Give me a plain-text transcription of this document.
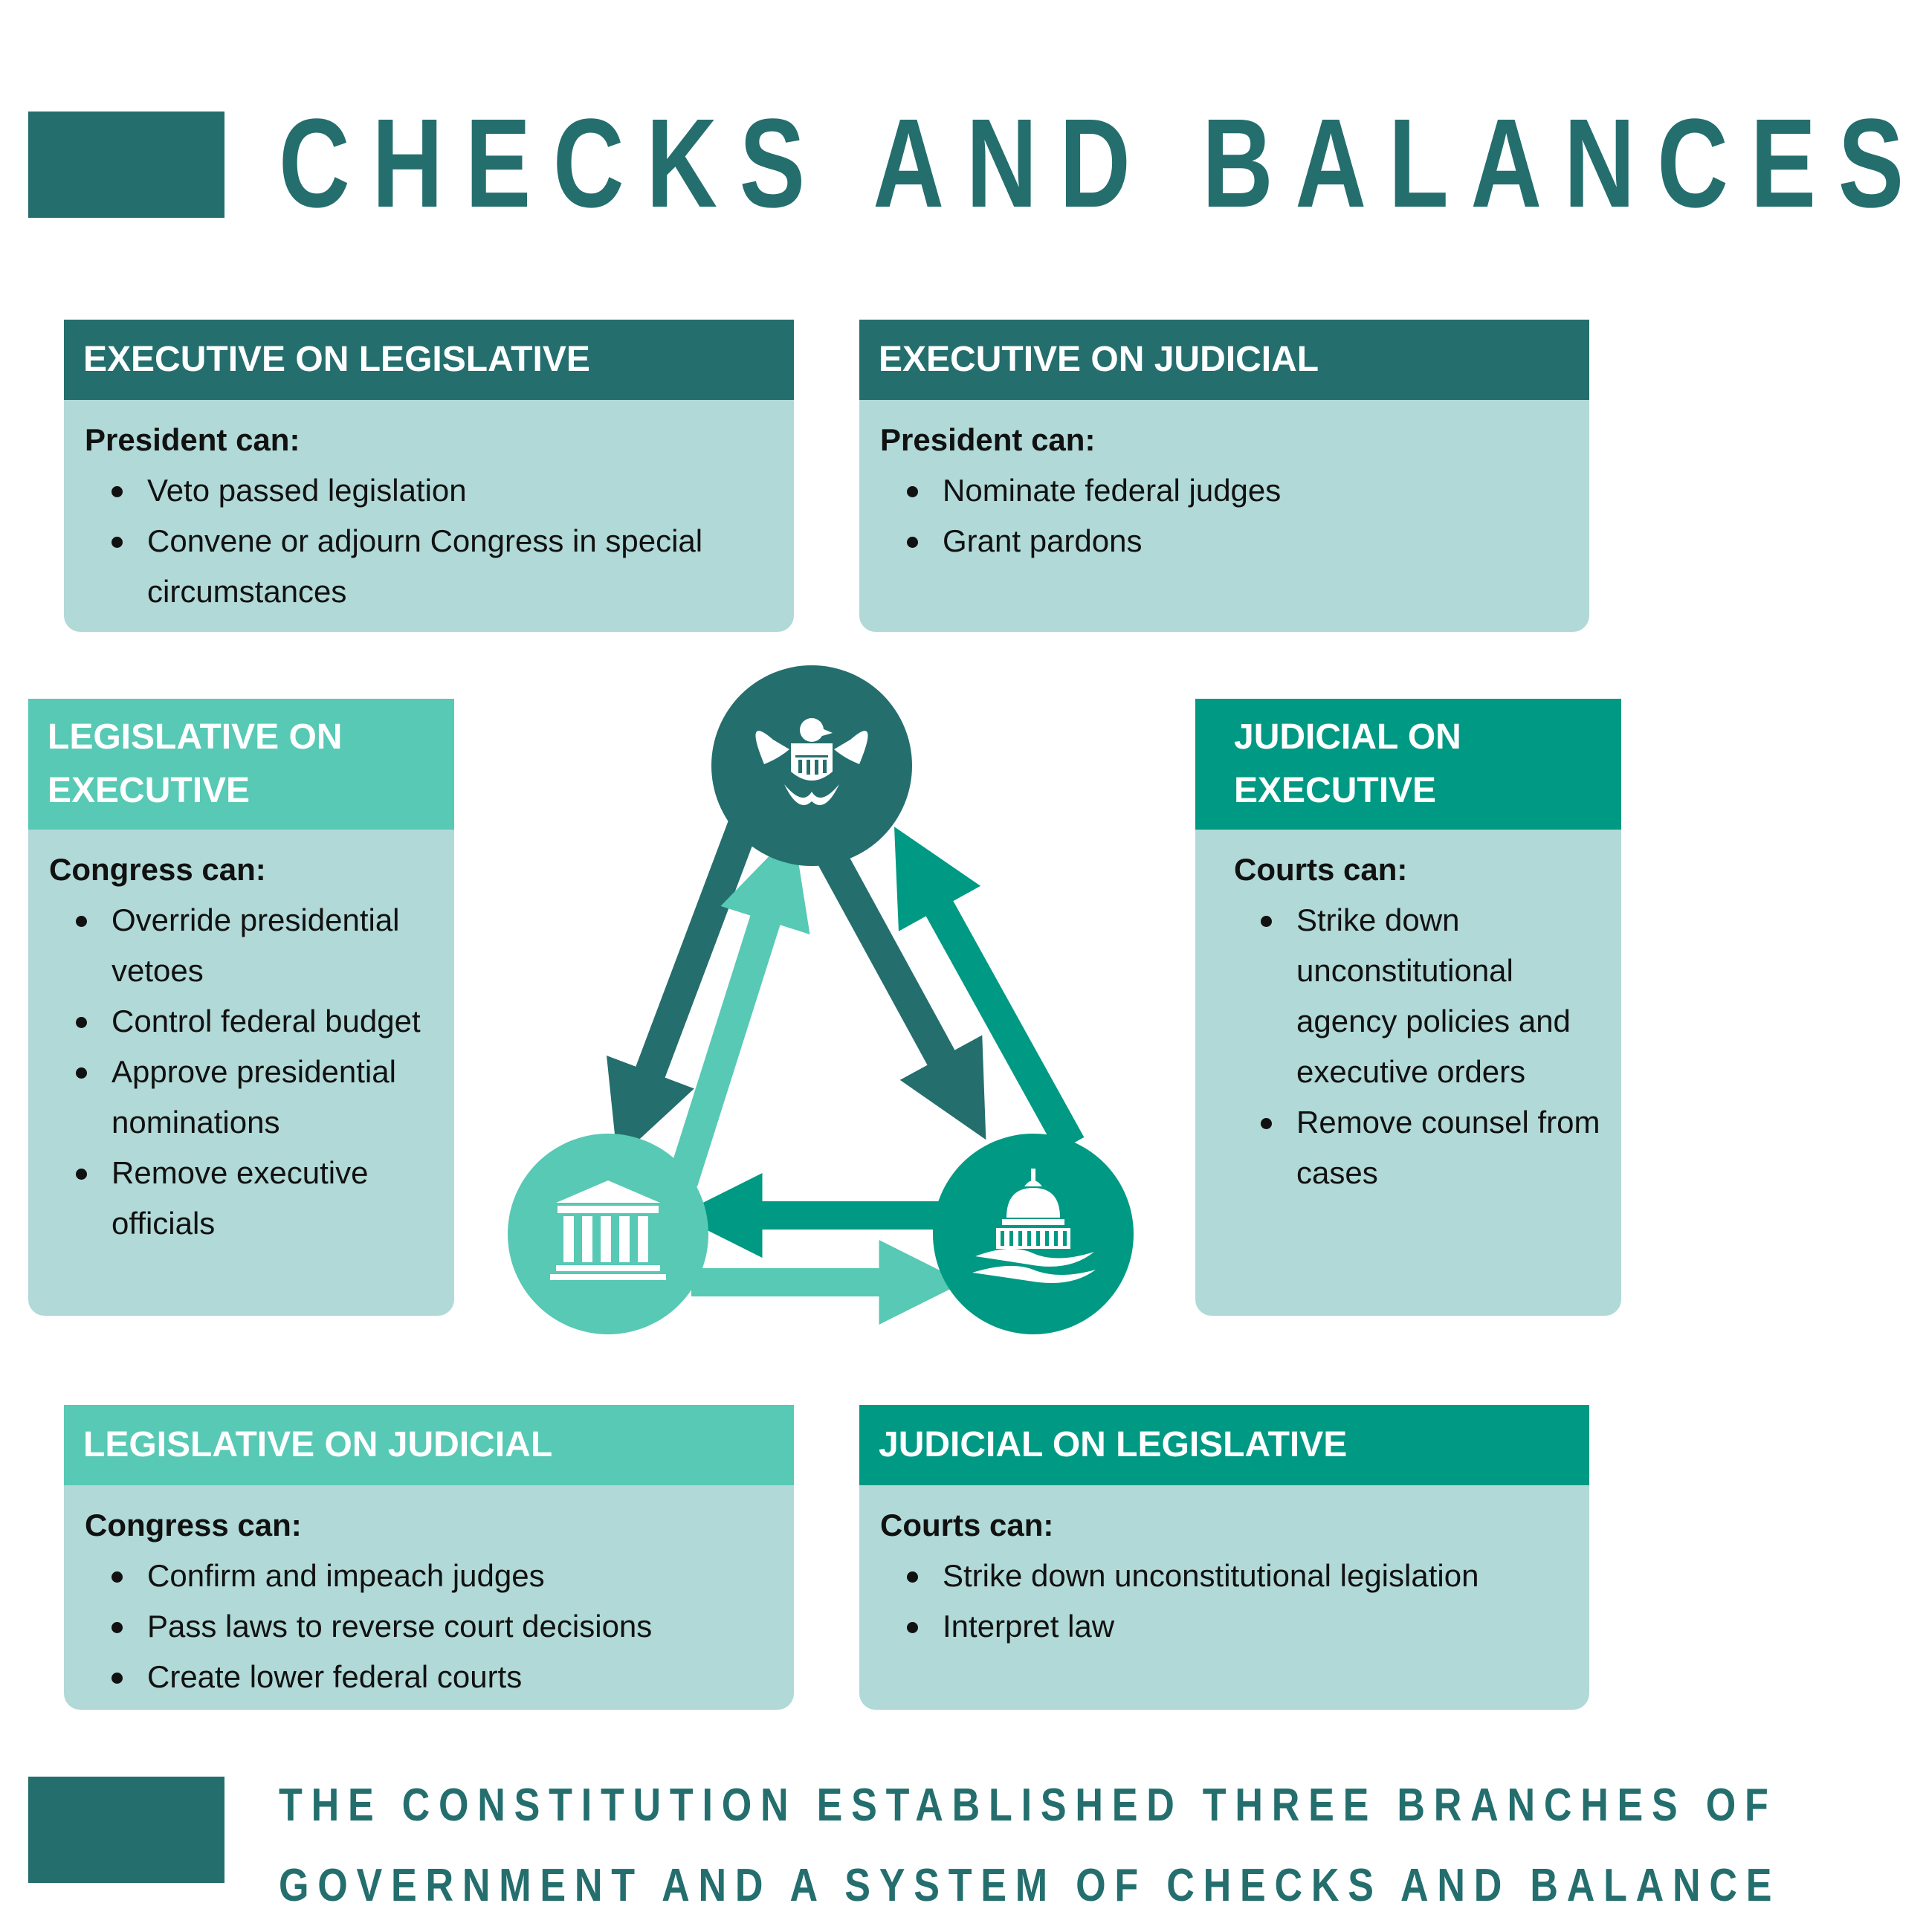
CHECKS AND BALANCES
EXECUTIVE ON LEGISLATIVE

President can:

Veto passed legislation
Convene or adjourn Congress in special circumstances
EXECUTIVE ON JUDICIAL

President can:

Nominate federal judges
Grant pardons
LEGISLATIVE ON EXECUTIVE

Congress can:

Override presidential vetoes
Control federal budget
Approve presidential nominations
Remove executive officials
JUDICIAL ON EXECUTIVE

Courts can:

Strike down unconstitutional agency policies and executive orders
Remove counsel from cases
LEGISLATIVE ON JUDICIAL

Congress can:

Confirm and impeach judges
Pass laws to reverse court decisions
Create lower federal courts
JUDICIAL ON LEGISLATIVE

Courts can:

Strike down unconstitutional legislation
Interpret law
THE CONSTITUTION ESTABLISHED THREE BRANCHES OF
GOVERNMENT AND A SYSTEM OF CHECKS AND BALANCE
